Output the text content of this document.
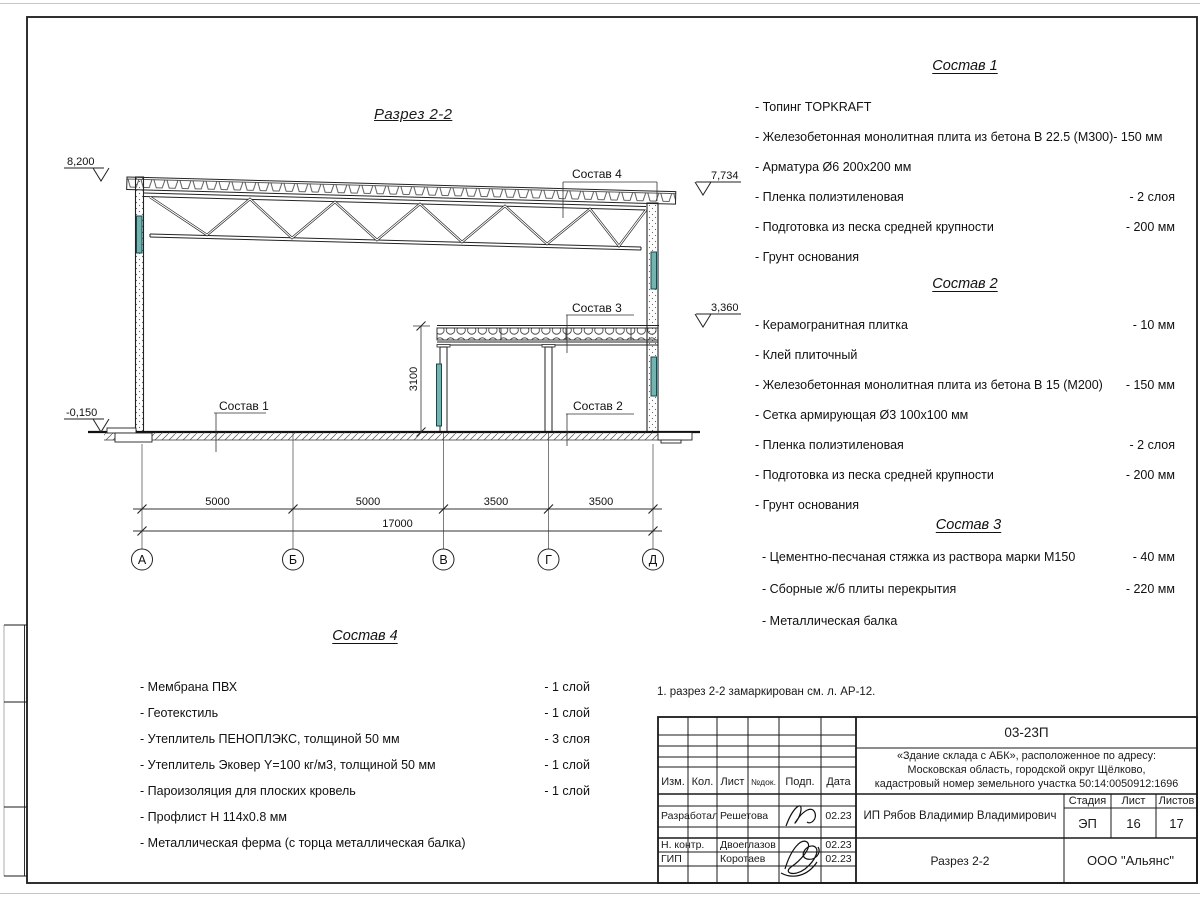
Состав 4
Состав 3
Состав 2
Состав 1
8,200
7,734
3,360
-0,150
3100
5000	5000	3500	3500
17000
А	Б	В	Г	Д
Разрез 2-2
1. разрез 2-2 замаркирован см. л. АР-12.
Состав 1
- Топинг TOPKRAFT
- Железобетонная монолитная плита из бетона В 22.5 (М300)- 150 мм
- Арматура Ø6 200х200 мм
- Пленка полиэтиленовая	- 2 слоя
- Подготовка из песка средней крупности	- 200 мм
- Грунт основания
Состав 2
- Керамогранитная плитка	- 10 мм
- Клей плиточный
- Железобетонная монолитная плита из бетона В 15 (М200) - 150 мм
- Сетка армирующая Ø3 100х100 мм
- Пленка полиэтиленовая	- 2 слоя
- Подготовка из песка средней крупности	- 200 мм
- Грунт основания
Состав 3
- Цементно-песчаная стяжка из раствора марки М150	- 40 мм
- Сборные ж/б плиты перекрытия	- 220 мм
- Металлическая балка
Состав 4
- Мембрана ПВХ	- 1 слой
- Геотекстиль	- 1 слой
- Утеплитель ПЕНОПЛЭКС, толщиной 50 мм	- 3 слоя
- Утеплитель Эковер Y=100 кг/м3, толщиной 50 мм	- 1 слой
- Пароизоляция для плоских кровель	- 1 слой
- Профлист Н 114х0.8 мм
- Металлическая ферма (с торца металлическая балка)
03-23П
«Здание склада с АБК», расположенное по адресу:
Московская область, городской округ Щёлково,
кадастровый номер земельного участка 50:14:0050912:1696
ИП Рябов Владимир Владимирович
Стадия	Лист	Листов
ЭП	16	17
Разрез 2-2	ООО "Альянс"
Изм. Кол. Лист №док. Подп.	Дата
Разработал Решетова	02.23
Н. контр.	Двоеглазов	02.23
ГИП	Коротаев	02.23
